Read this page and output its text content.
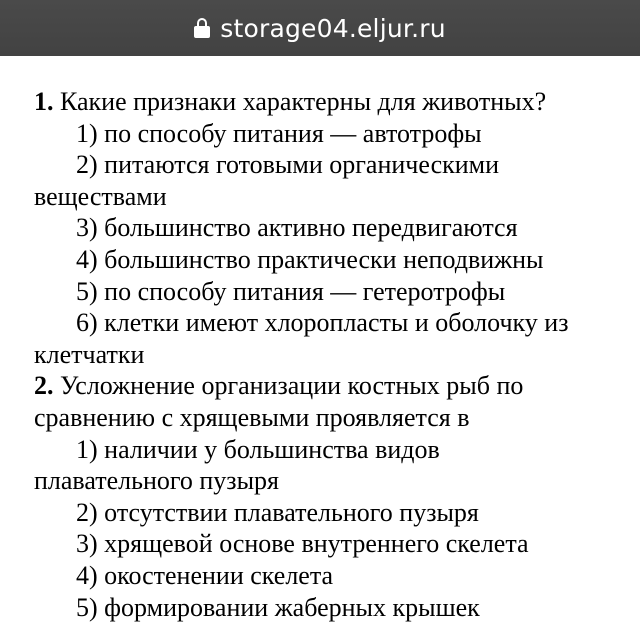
storage04.eljur.ru
1. Какие признаки характерны для животных?
1) по способу питания — автотрофы
2) питаются готовыми органическими
веществами
3) большинство активно передвигаются
4) большинство практически неподвижны
5) по способу питания — гетеротрофы
6) клетки имеют хлоропласты и оболочку из
клетчатки
2. Усложнение организации костных рыб по
сравнению с хрящевыми проявляется в
1) наличии у большинства видов
плавательного пузыря
2) отсутствии плавательного пузыря
3) хрящевой основе внутреннего скелета
4) окостенении скелета
5) формировании жаберных крышек
